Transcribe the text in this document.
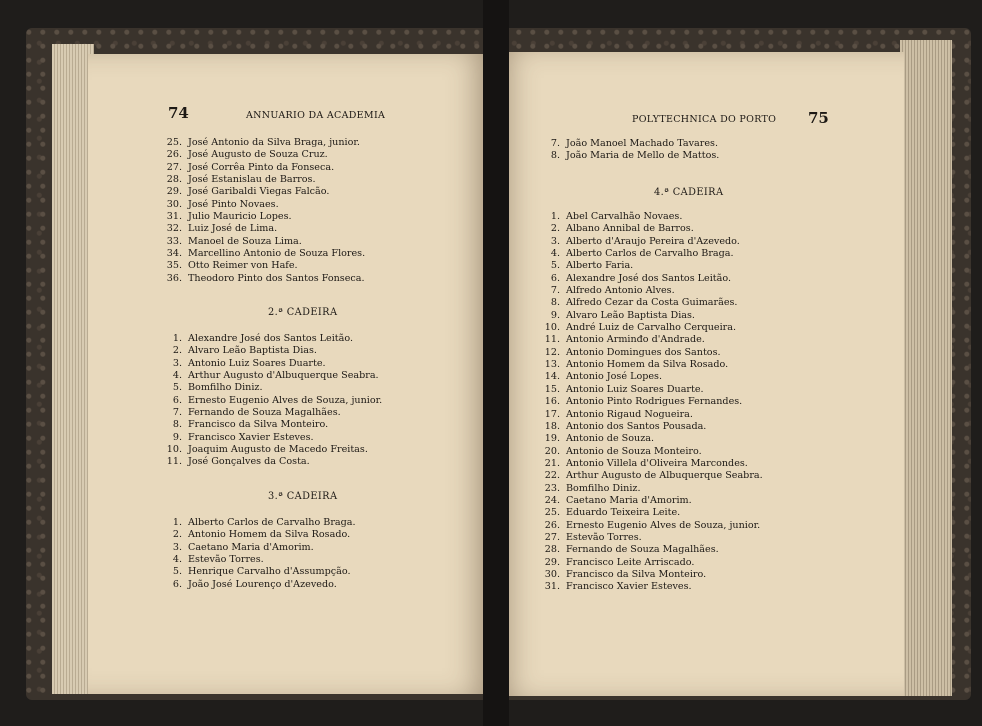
74	ANNUARIO DA ACADEMIA
25. José Antonio da Silva Braga, junior.
26. José Augusto de Souza Cruz.
27. José Corrêa Pinto da Fonseca.
28. José Estanislau de Barros.
29. José Garibaldi Viegas Falcão.
30. José Pinto Novaes.
31. Julio Mauricio Lopes.
32. Luiz José de Lima.
33. Manoel de Souza Lima.
34. Marcellino Antonio de Souza Flores.
35. Otto Reimer von Hafe.
36. Theodoro Pinto dos Santos Fonseca.
2.ª CADEIRA
1. Alexandre José dos Santos Leitão.
2. Alvaro Leão Baptista Dias.
3. Antonio Luiz Soares Duarte.
4. Arthur Augusto d'Albuquerque Seabra.
5. Bomfilho Diniz.
6. Ernesto Eugenio Alves de Souza, junior.
7. Fernando de Souza Magalhães.
8. Francisco da Silva Monteiro.
9. Francisco Xavier Esteves.
10. Joaquim Augusto de Macedo Freitas.
11. José Gonçalves da Costa.
3.ª CADEIRA
1. Alberto Carlos de Carvalho Braga.
2. Antonio Homem da Silva Rosado.
3. Caetano Maria d'Amorim.
4. Estevão Torres.
5. Henrique Carvalho d'Assumpção.
6. João José Lourenço d'Azevedo.
POLYTECHNICA DO PORTO 75
7. João Manoel Machado Tavares.
8. João Maria de Mello de Mattos.
4.ª CADEIRA
1. Abel Carvalhão Novaes.
2. Albano Annibal de Barros.
3. Alberto d'Araujo Pereira d'Azevedo.
4. Alberto Carlos de Carvalho Braga.
5. Alberto Faria.
6. Alexandre José dos Santos Leitão.
7. Alfredo Antonio Alves.
8. Alfredo Cezar da Costa Guimarães.
9. Alvaro Leão Baptista Dias.
10. André Luiz de Carvalho Cerqueira.
11. Antonio Arminđo d'Andrade.
12. Antonio Domingues dos Santos.
13. Antonio Homem da Silva Rosado.
14. Antonio José Lopes.
15. Antonio Luiz Soares Duarte.
16. Antonio Pinto Rodrigues Fernandes.
17. Antonio Rigaud Nogueira.
18. Antonio dos Santos Pousada.
19. Antonio de Souza.
20. Antonio de Souza Monteiro.
21. Antonio Villela d'Oliveira Marcondes.
22. Arthur Augusto de Albuquerque Seabra.
23. Bomfilho Diniz.
24. Caetano Maria d'Amorim.
25. Eduardo Teixeira Leite.
26. Ernesto Eugenio Alves de Souza, junior.
27. Estevão Torres.
28. Fernando de Souza Magalhães.
29. Francisco Leite Arriscado.
30. Francisco da Silva Monteiro.
31. Francisco Xavier Esteves.
